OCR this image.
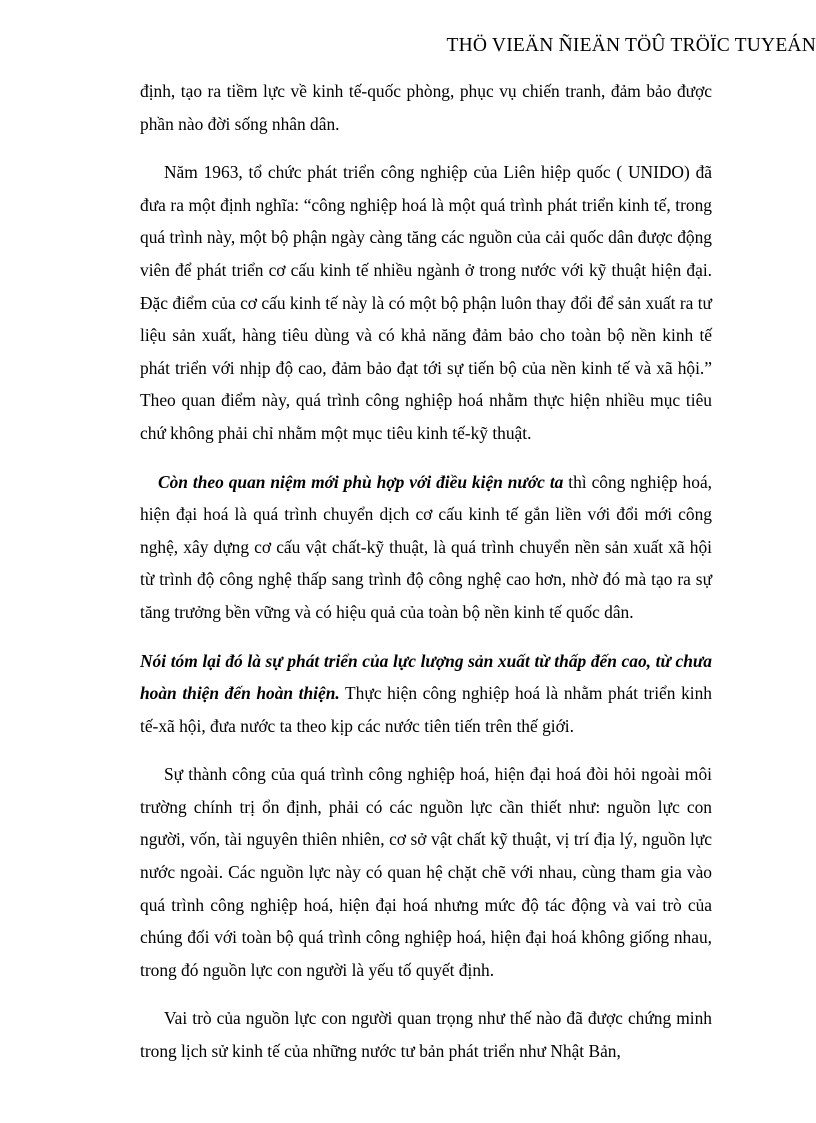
THÖ VIEÄN ÑIEÄN TÖÛ TRÖÏC TUYEÁN

định, tạo ra tiềm lực về kinh tế-quốc phòng, phục vụ chiến tranh, đảm bảo được phần nào đời sống nhân dân.

Năm 1963, tổ chức phát triển công nghiệp của Liên hiệp quốc ( UNIDO) đã đưa ra một định nghĩa: “công nghiệp hoá là một quá trình phát triển kinh tế, trong quá trình này, một bộ phận ngày càng tăng các nguồn của cải quốc dân được động viên để phát triển cơ cấu kinh tế nhiều ngành ở trong nước với kỹ thuật hiện đại. Đặc điểm của cơ cấu kinh tế này là có một bộ phận luôn thay đổi để sản xuất ra tư liệu sản xuất, hàng tiêu dùng và có khả năng đảm bảo cho toàn bộ nền kinh tế phát triển với nhịp độ cao, đảm bảo đạt tới sự tiến bộ của nền kinh tế và xã hội.” Theo quan điểm này, quá trình công nghiệp hoá nhằm thực hiện nhiều mục tiêu chứ không phải chỉ nhằm một mục tiêu kinh tế-kỹ thuật.

Còn theo quan niệm mới phù hợp với điều kiện nước ta thì công nghiệp hoá, hiện đại hoá là quá trình chuyển dịch cơ cấu kinh tế gắn liền với đổi mới công nghệ, xây dựng cơ cấu vật chất-kỹ thuật, là quá trình chuyển nền sản xuất xã hội từ trình độ công nghệ thấp sang trình độ công nghệ cao hơn, nhờ đó mà tạo ra sự tăng trưởng bền vững và có hiệu quả của toàn bộ nền kinh tế quốc dân.

Nói tóm lại đó là sự phát triển của lực lượng sản xuất từ thấp đến cao, từ chưa hoàn thiện đến hoàn thiện. Thực hiện công nghiệp hoá là nhằm phát triển kinh tế-xã hội, đưa nước ta theo kịp các nước tiên tiến trên thế giới.

Sự thành công của quá trình công nghiệp hoá, hiện đại hoá đòi hỏi ngoài môi trường chính trị ổn định, phải có các nguồn lực cần thiết như: nguồn lực con người, vốn, tài nguyên thiên nhiên, cơ sở vật chất kỹ thuật, vị trí địa lý, nguồn lực nước ngoài. Các nguồn lực này có quan hệ chặt chẽ với nhau, cùng tham gia vào quá trình công nghiệp hoá, hiện đại hoá nhưng mức độ tác động và vai trò của chúng đối với toàn bộ quá trình công nghiệp hoá, hiện đại hoá không giống nhau, trong đó nguồn lực con người là yếu tố quyết định.

Vai trò của nguồn lực con người quan trọng như thế nào đã được chứng minh trong lịch sử kinh tế của những nước tư bản phát triển như Nhật Bản,
